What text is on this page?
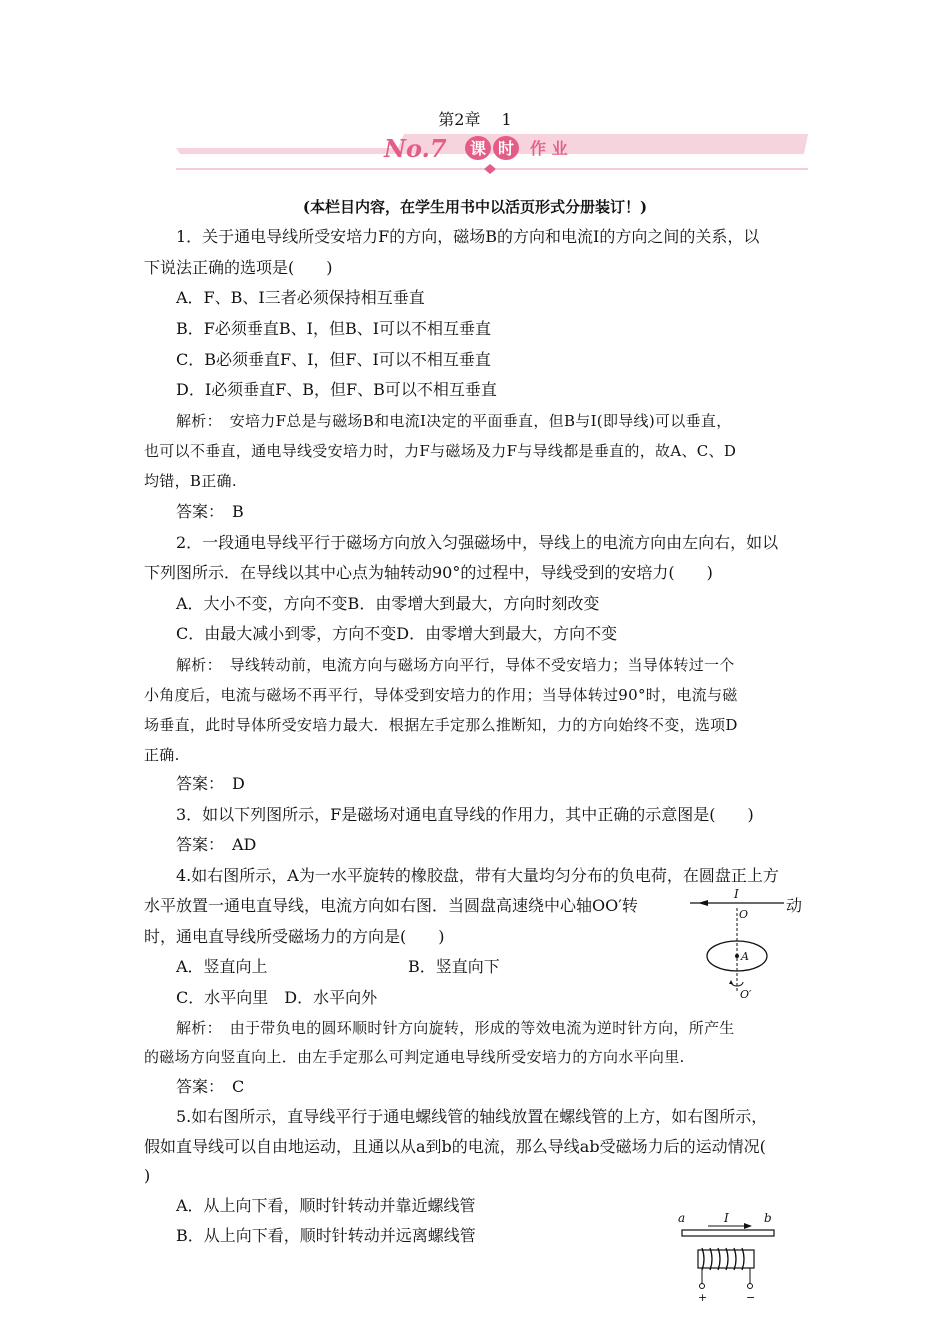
第2章　 1
No.7 课 时 作 业
(本栏目内容，在学生用书中以活页形式分册装订！)
1．关于通电导线所受安培力F的方向，磁场B的方向和电流I的方向之间的关系，以
下说法正确的选项是(　　)
A．F、B、I三者必须保持相互垂直
B．F必须垂直B、I，但B、I可以不相互垂直
C．B必须垂直F、I，但F、I可以不相互垂直
D．I必须垂直F、B，但F、B可以不相互垂直
解析：　安培力F总是与磁场B和电流I决定的平面垂直，但B与I(即导线)可以垂直，
也可以不垂直，通电导线受安培力时，力F与磁场及力F与导线都是垂直的，故A、C、D
均错，B正确.
答案：　B
2．一段通电导线平行于磁场方向放入匀强磁场中，导线上的电流方向由左向右，如以
下列图所示．在导线以其中心点为轴转动90°的过程中，导线受到的安培力(　　)
A．大小不变，方向不变B．由零增大到最大，方向时刻改变
C．由最大减小到零，方向不变D．由零增大到最大，方向不变
解析：　导线转动前，电流方向与磁场方向平行，导体不受安培力；当导体转过一个
小角度后，电流与磁场不再平行，导体受到安培力的作用；当导体转过90°时，电流与磁
场垂直，此时导体所受安培力最大．根据左手定那么推断知，力的方向始终不变，选项D
正确.
答案：　D
3．如以下列图所示，F是磁场对通电直导线的作用力，其中正确的示意图是(　　)
答案：　AD
4.如右图所示，A为一水平旋转的橡胶盘，带有大量均匀分布的负电荷，在圆盘正上方
水平放置一通电直导线，电流方向如右图．当圆盘高速绕中心轴OO′转	动
时，通电直导线所受磁场力的方向是(　　)
A．竖直向上	B．竖直向下
C．水平向里　D．水平向外
解析：　由于带负电的圆环顺时针方向旋转，形成的等效电流为逆时针方向，所产生
的磁场方向竖直向上．由左手定那么可判定通电导线所受安培力的方向水平向里.
答案：　C
5.如右图所示，直导线平行于通电螺线管的轴线放置在螺线管的上方，如右图所示，
假如直导线可以自由地运动，且通以从a到b的电流，那么导线ab受磁场力后的运动情况(
)
A．从上向下看，顺时针转动并靠近螺线管
B．从上向下看，顺时针转动并远离螺线管
I
O
A
O′
a	I	b
+	−
